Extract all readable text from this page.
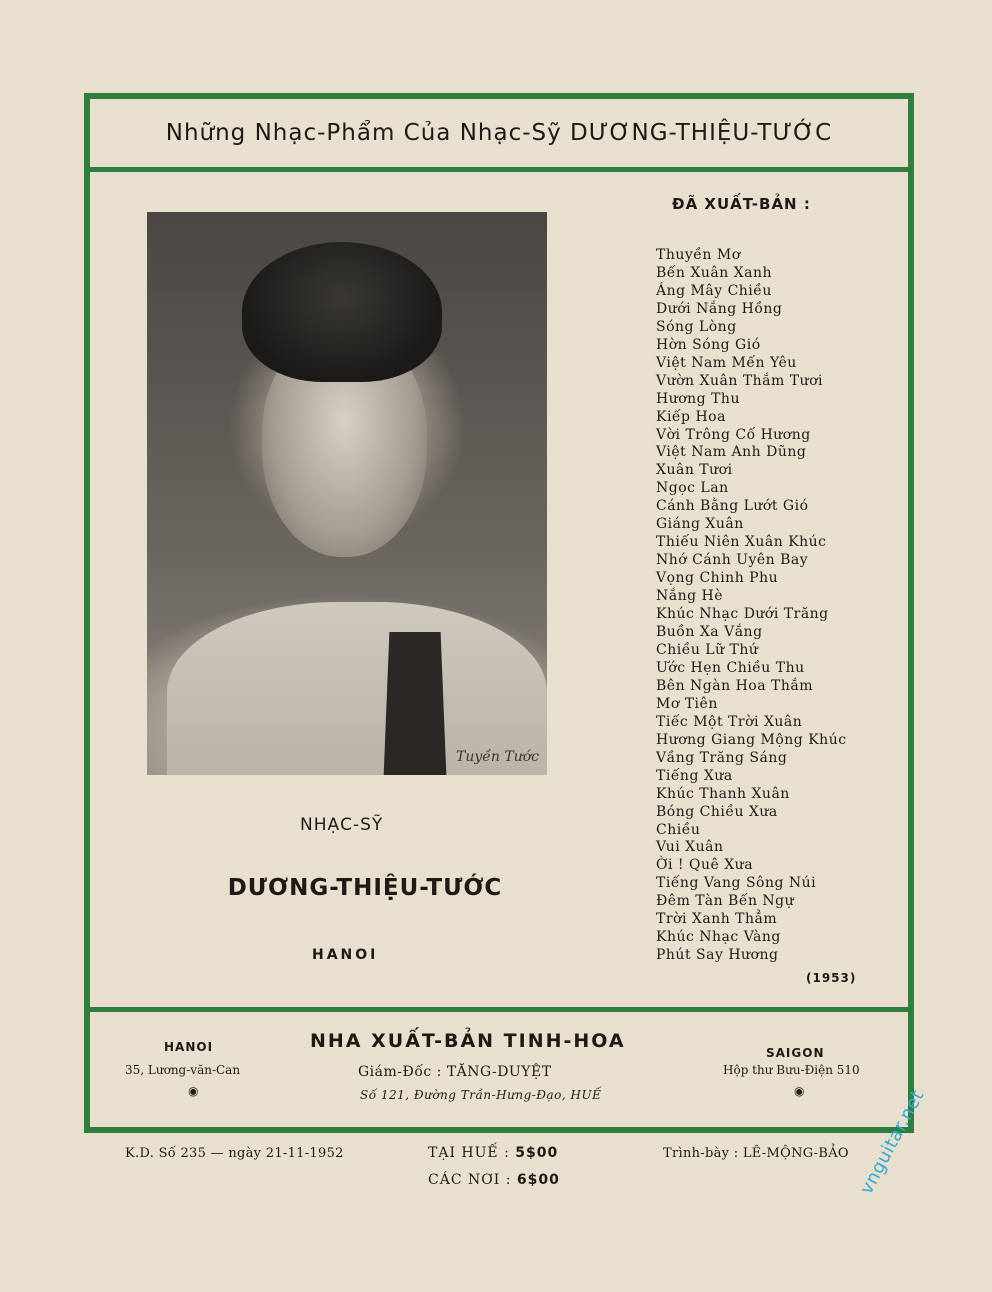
Những Nhạc-Phẩm Của Nhạc-Sỹ DƯƠNG-THIỆU-TƯỚC
Tuyền Tước
NHẠC-SỸ
DƯƠNG-THIỆU-TƯỚC
HANOI
ĐÃ XUẤT-BẢN :
Thuyền Mơ
Bến Xuân Xanh
Áng Mây Chiều
Dưới Nắng Hồng
Sóng Lòng
Hờn Sóng Gió
Việt Nam Mến Yêu
Vườn Xuân Thắm Tươi
Hương Thu
Kiếp Hoa
Vời Trông Cố Hương
Việt Nam Anh Dũng
Xuân Tươi
Ngọc Lan
Cánh Bằng Lướt Gió
Giáng Xuân
Thiếu Niên Xuân Khúc
Nhớ Cánh Uyên Bay
Vọng Chinh Phu
Nắng Hè
Khúc Nhạc Dưới Trăng
Buồn Xa Vắng
Chiều Lữ Thứ
Ước Hẹn Chiều Thu
Bên Ngàn Hoa Thắm
Mơ Tiên
Tiếc Một Trời Xuân
Hương Giang Mộng Khúc
Vầng Trăng Sáng
Tiếng Xưa
Khúc Thanh Xuân
Bóng Chiều Xưa
Chiều
Vui Xuân
Ời ! Quê Xưa
Tiếng Vang Sông Núi
Đêm Tàn Bến Ngự
Trời Xanh Thẳm
Khúc Nhạc Vàng
Phút Say Hương
(1953)
HANOI
35, Lương-văn-Can
◉
NHA XUẤT-BẢN TINH-HOA
Giám-Đốc : TĂNG-DUYỆT
Số 121, Đường Trần-Hưng-Đạo, HUẾ
SAIGON
Hộp thư Bưu-Điện 510
◉
K.D. Số 235 — ngày 21-11-1952	TẠI HUẾ : 5$00
CÁC NƠI : 6$00
Trình-bày : LÊ-MỘNG-BẢO vnguitar.net
